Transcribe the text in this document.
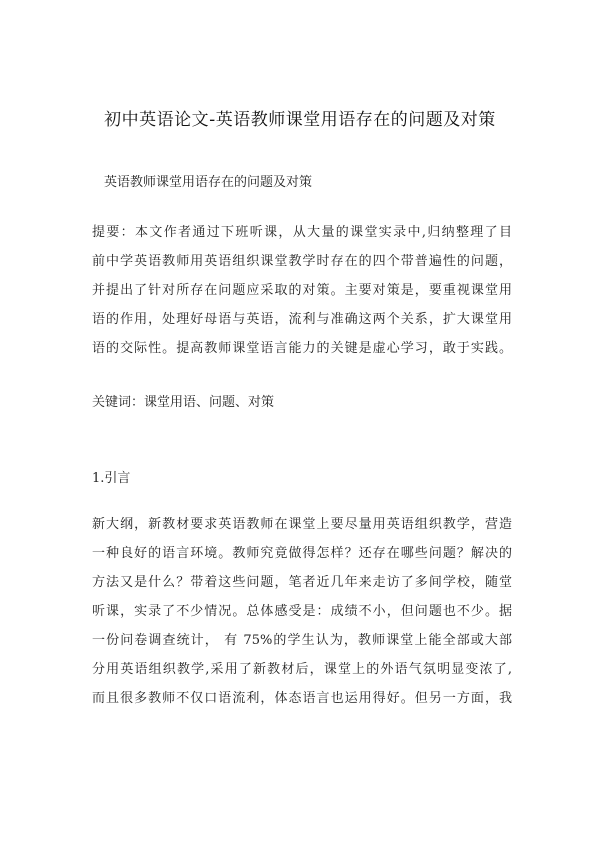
初中英语论文-英语教师课堂用语存在的问题及对策
英语教师课堂用语存在的问题及对策
提要：本文作者通过下班听课，从大量的课堂实录中,归纳整理了目
前中学英语教师用英语组织课堂教学时存在的四个带普遍性的问题，
并提出了针对所存在问题应采取的对策。主要对策是，要重视课堂用
语的作用，处理好母语与英语，流利与准确这两个关系，扩大课堂用
语的交际性。提高教师课堂语言能力的关键是虚心学习，敢于实践。
关键词：课堂用语、问题、对策
1.引言
新大纲，新教材要求英语教师在课堂上要尽量用英语组织教学，营造
一种良好的语言环境。教师究竟做得怎样？还存在哪些问题？解决的
方法又是什么？带着这些问题，笔者近几年来走访了多间学校，随堂
听课，实录了不少情况。总体感受是：成绩不小，但问题也不少。据
一份问卷调查统计， 有 75%的学生认为，教师课堂上能全部或大部
分用英语组织教学,采用了新教材后，课堂上的外语气氛明显变浓了,
而且很多教师不仅口语流利，体态语言也运用得好。但另一方面，我
